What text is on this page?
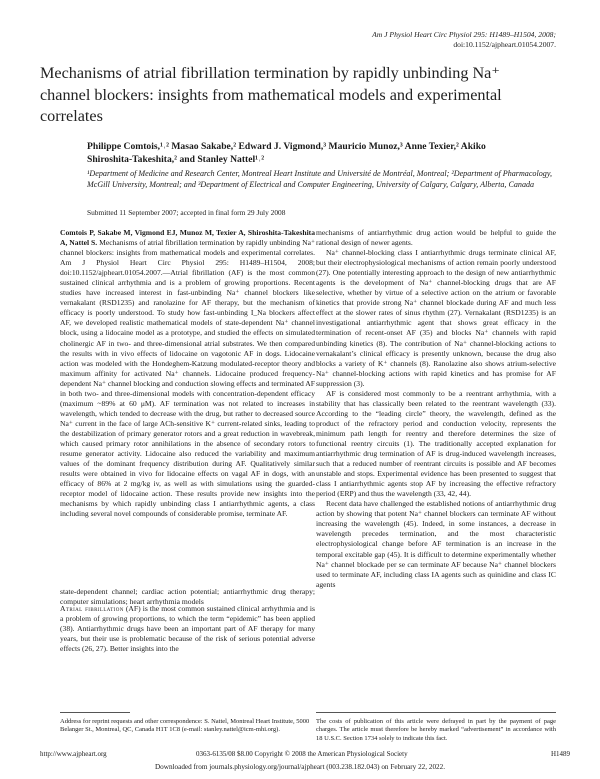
Am J Physiol Heart Circ Physiol 295: H1489–H1504, 2008;
doi:10.1152/ajpheart.01054.2007.
Mechanisms of atrial fibrillation termination by rapidly unbinding Na⁺ channel blockers: insights from mathematical models and experimental correlates
Philippe Comtois,¹˒² Masao Sakabe,² Edward J. Vigmond,³ Mauricio Munoz,³ Anne Texier,² Akiko Shiroshita-Takeshita,² and Stanley Nattel¹˒²
¹Department of Medicine and Research Center, Montreal Heart Institute and Université de Montréal, Montreal; ²Department of Pharmacology, McGill University, Montreal; and ³Department of Electrical and Computer Engineering, University of Calgary, Calgary, Alberta, Canada
Submitted 11 September 2007; accepted in final form 29 July 2008
Comtois P, Sakabe M, Vigmond EJ, Munoz M, Texier A, Shiroshita-Takeshita A, Nattel S. Mechanisms of atrial fibrillation termination by rapidly unbinding Na⁺ channel blockers: insights from mathematical models and experimental correlates. Am J Physiol Heart Circ Physiol 295: H1489–H1504, 2008; doi:10.1152/ajpheart.01054.2007.—Atrial fibrillation (AF) is the most common sustained clinical arrhythmia and is a problem of growing proportions. Recent studies have increased interest in fast-unbinding Na⁺ channel blockers like vernakalant (RSD1235) and ranolazine for AF therapy, but the mechanism of efficacy is poorly understood. To study how fast-unbinding I_Na blockers affect AF, we developed realistic mathematical models of state-dependent Na⁺ channel block, using a lidocaine model as a prototype, and studied the effects on simulated cholinergic AF in two- and three-dimensional atrial substrates. We then compared the results with in vivo effects of lidocaine on vagotonic AF in dogs. Lidocaine action was modeled with the Hondeghem-Katzung modulated-receptor theory and maximum affinity for activated Na⁺ channels. Lidocaine produced frequency-dependent Na⁺ channel blocking and conduction slowing effects and terminated AF in both two- and three-dimensional models with concentration-dependent efficacy (maximum ~89% at 60 μM). AF termination was not related to increases in wavelength, which tended to decrease with the drug, but rather to decreased source Na⁺ current in the face of large ACh-sensitive K⁺ current-related sinks, leading to the destabilization of primary generator rotors and a great reduction in wavebreak, which caused primary rotor annihilations in the absence of secondary rotors to resume generator activity. Lidocaine also reduced the variability and maximum values of the dominant frequency distribution during AF. Qualitatively similar results were obtained in vivo for lidocaine effects on vagal AF in dogs, with an efficacy of 86% at 2 mg/kg iv, as well as with simulations using the guarded-receptor model of lidocaine action. These results provide new insights into the mechanisms by which rapidly unbinding class I antiarrhythmic agents, a class including several novel compounds of considerable promise, terminate AF.
state-dependent channel; cardiac action potential; antiarrhythmic drug therapy; computer simulations; heart arrhythmia models
Atrial fibrillation (AF) is the most common sustained clinical arrhythmia and is a problem of growing proportions, to which the term “epidemic” has been applied (38). Antiarrhythmic drugs have been an important part of AF therapy for many years, but their use is problematic because of the risk of serious potential adverse effects (26, 27). Better insights into the

mechanisms of antiarrhythmic drug action would be helpful to guide the rational design of newer agents.

Na⁺ channel-blocking class I antiarrhythmic drugs terminate clinical AF, but their electrophysiological mechanisms of action remain poorly understood (27). One potentially interesting approach to the design of new antiarrhythmic agents is the development of Na⁺ channel-blocking drugs that are AF selective, whether by virtue of a selective action on the atrium or favorable kinetics that provide strong Na⁺ channel blockade during AF and much less effect at the slower rates of sinus rhythm (27). Vernakalant (RSD1235) is an investigational antiarrhythmic agent that shows great efficacy in the termination of recent-onset AF (35) and blocks Na⁺ channels with rapid unbinding kinetics (8). The contribution of Na⁺ channel-blocking actions to vernakalant’s clinical efficacy is presently unknown, because the drug also blocks a variety of K⁺ channels (8). Ranolazine also shows atrium-selective Na⁺ channel-blocking actions with rapid kinetics and has promise for AF suppression (3).

AF is considered most commonly to be a reentrant arrhythmia, with a stability that has classically been related to the reentrant wavelength (33). According to the “leading circle” theory, the wavelength, defined as the product of the refractory period and conduction velocity, represents the minimum path length for reentry and therefore determines the size of functional reentry circuits (1). The traditionally accepted explanation for antiarrhythmic drug termination of AF is drug-induced wavelength increases, such that a reduced number of reentrant circuits is possible and AF becomes unstable and stops. Experimental evidence has been presented to suggest that class I antiarrhythmic agents stop AF by increasing the effective refractory period (ERP) and thus the wavelength (33, 42, 44).

Recent data have challenged the established notions of antiarrhythmic drug action by showing that potent Na⁺ channel blockers can terminate AF without increasing the wavelength (45). Indeed, in some instances, a decrease in wavelength precedes termination, and the most characteristic electrophysiological change before AF termination is an increase in the temporal excitable gap (45). It is difficult to determine experimentally whether Na⁺ channel blockade per se can terminate AF because Na⁺ channel blockers used to terminate AF, including class IA agents such as quinidine and class IC agents

Address for reprint requests and other correspondence: S. Nattel, Montreal Heart Institute, 5000 Belanger St., Montreal, QC, Canada H1T 1C8 (e-mail: stanley.nattel@icm-mhi.org).
The costs of publication of this article were defrayed in part by the payment of page charges. The article must therefore be hereby marked “advertisement” in accordance with 18 U.S.C. Section 1734 solely to indicate this fact.
http://www.ajpheart.org	0363-6135/08 $8.00 Copyright © 2008 the American Physiological Society	H1489
Downloaded from journals.physiology.org/journal/ajpheart (003.238.182.043) on February 22, 2022.
